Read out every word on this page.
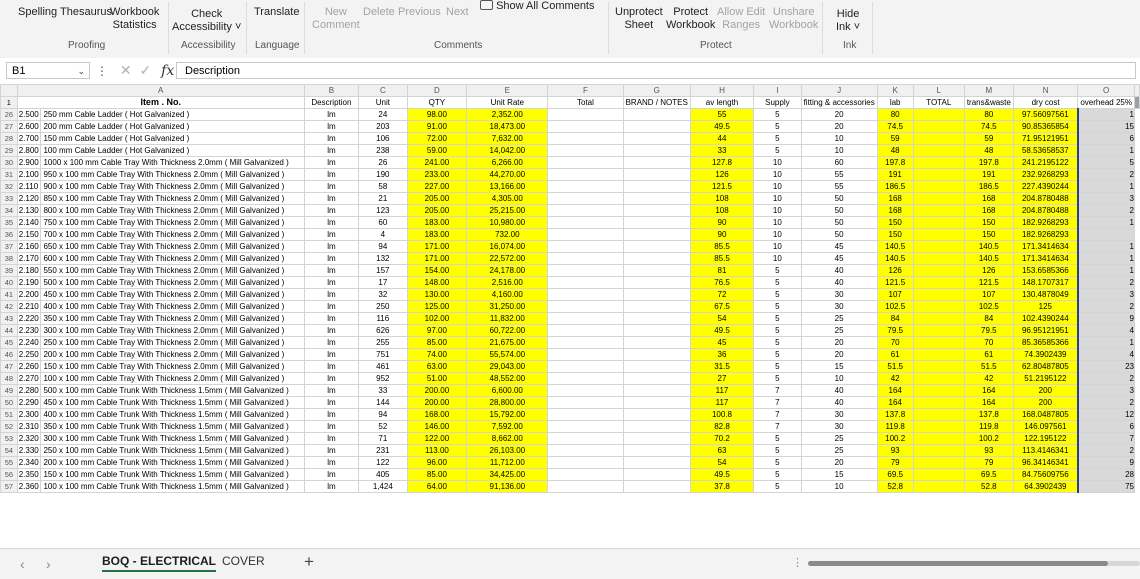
Spelling Thesaurus
Workbook
Statistics
Proofing
Check
Accessibility ˅
Accessibility
Translate
Language
New
Comment
Delete Previous Next	Show All Comments
Comments
Unprotect
Sheet
Protect
Workbook
Allow Edit
Ranges
Unshare
Workbook
Protect
Hide
Ink ˅
Ink
B1	⌄ ⋮ ✕ ✓ fx Description
	A		B	C	D	E	F	G	H	I	J	K	L	M	N	O	
1	Item . No.		Description	Unit	QTY	Unit Rate	Total	BRAND / NOTES	av length	Supply	fitting & accessories	lab	TOTAL	trans&waste	dry cost	overhead 25%	
26	2.500	250 mm Cable Ladder ( Hot Galvanized )	lm	24	98.00	2,352.00			55	5	20	80		80	97.56097561	1	
27	2.600	200 mm Cable Ladder ( Hot Galvanized )	lm	203	91.00	18,473.00			49.5	5	20	74.5		74.5	90.85365854	15	
28	2.700	150 mm Cable Ladder ( Hot Galvanized )	lm	106	72.00	7,632.00			44	5	10	59		59	71.95121951	6	
29	2.800	100 mm Cable Ladder ( Hot Galvanized )	lm	238	59.00	14,042.00			33	5	10	48		48	58.53658537	1	
30	2.900	1000 x 100 mm Cable Tray With Thickness 2.0mm ( Mill Galvanized )	lm	26	241.00	6,266.00			127.8	10	60	197.8		197.8	241.2195122	5	
31	2.100	950 x 100 mm Cable Tray With Thickness 2.0mm ( Mill Galvanized )	lm	190	233.00	44,270.00			126	10	55	191		191	232.9268293	2	
32	2.110	900 x 100 mm Cable Tray With Thickness 2.0mm ( Mill Galvanized )	lm	58	227.00	13,166.00			121.5	10	55	186.5		186.5	227.4390244	1	
33	2.120	850 x 100 mm Cable Tray With Thickness 2.0mm ( Mill Galvanized )	lm	21	205.00	4,305.00			108	10	50	168		168	204.8780488	3	
34	2.130	800 x 100 mm Cable Tray With Thickness 2.0mm ( Mill Galvanized )	lm	123	205.00	25,215.00			108	10	50	168		168	204.8780488	2	
35	2.140	750 x 100 mm Cable Tray With Thickness 2.0mm ( Mill Galvanized )	lm	60	183.00	10,980.00			90	10	50	150		150	182.9268293	1	
36	2.150	700 x 100 mm Cable Tray With Thickness 2.0mm ( Mill Galvanized )	lm	4	183.00	732.00			90	10	50	150		150	182.9268293		
37	2.160	650 x 100 mm Cable Tray With Thickness 2.0mm ( Mill Galvanized )	lm	94	171.00	16,074.00			85.5	10	45	140.5		140.5	171.3414634	1	
38	2.170	600 x 100 mm Cable Tray With Thickness 2.0mm ( Mill Galvanized )	lm	132	171.00	22,572.00			85.5	10	45	140.5		140.5	171.3414634	1	
39	2.180	550 x 100 mm Cable Tray With Thickness 2.0mm ( Mill Galvanized )	lm	157	154.00	24,178.00			81	5	40	126		126	153.6585366	1	
40	2.190	500 x 100 mm Cable Tray With Thickness 2.0mm ( Mill Galvanized )	lm	17	148.00	2,516.00			76.5	5	40	121.5		121.5	148.1707317	2	
41	2.200	450 x 100 mm Cable Tray With Thickness 2.0mm ( Mill Galvanized )	lm	32	130.00	4,160.00			72	5	30	107		107	130.4878049	3	
42	2.210	400 x 100 mm Cable Tray With Thickness 2.0mm ( Mill Galvanized )	lm	250	125.00	31,250.00			67.5	5	30	102.5		102.5	125	2	
43	2.220	350 x 100 mm Cable Tray With Thickness 2.0mm ( Mill Galvanized )	lm	116	102.00	11,832.00			54	5	25	84		84	102.4390244	9	
44	2.230	300 x 100 mm Cable Tray With Thickness 2.0mm ( Mill Galvanized )	lm	626	97.00	60,722.00			49.5	5	25	79.5		79.5	96.95121951	4	
45	2.240	250 x 100 mm Cable Tray With Thickness 2.0mm ( Mill Galvanized )	lm	255	85.00	21,675.00			45	5	20	70		70	85.36585366	1	
46	2.250	200 x 100 mm Cable Tray With Thickness 2.0mm ( Mill Galvanized )	lm	751	74.00	55,574.00			36	5	20	61		61	74.3902439	4	
47	2.260	150 x 100 mm Cable Tray With Thickness 2.0mm ( Mill Galvanized )	lm	461	63.00	29,043.00			31.5	5	15	51.5		51.5	62.80487805	23	
48	2.270	100 x 100 mm Cable Tray With Thickness 2.0mm ( Mill Galvanized )	lm	952	51.00	48,552.00			27	5	10	42		42	51.2195122	2	
49	2.280	500 x 100 mm Cable Trunk With Thickness 1.5mm ( Mill Galvanized )	lm	33	200.00	6,600.00			117	7	40	164		164	200	3	
50	2.290	450 x 100 mm Cable Trunk With Thickness 1.5mm ( Mill Galvanized )	lm	144	200.00	28,800.00			117	7	40	164		164	200	2	
51	2.300	400 x 100 mm Cable Trunk With Thickness 1.5mm ( Mill Galvanized )	lm	94	168.00	15,792.00			100.8	7	30	137.8		137.8	168.0487805	12	
52	2.310	350 x 100 mm Cable Trunk With Thickness 1.5mm ( Mill Galvanized )	lm	52	146.00	7,592.00			82.8	7	30	119.8		119.8	146.097561	6	
53	2.320	300 x 100 mm Cable Trunk With Thickness 1.5mm ( Mill Galvanized )	lm	71	122.00	8,662.00			70.2	5	25	100.2		100.2	122.195122	7	
54	2.330	250 x 100 mm Cable Trunk With Thickness 1.5mm ( Mill Galvanized )	lm	231	113.00	26,103.00			63	5	25	93		93	113.4146341	2	
55	2.340	200 x 100 mm Cable Trunk With Thickness 1.5mm ( Mill Galvanized )	lm	122	96.00	11,712.00			54	5	20	79		79	96.34146341	9	
56	2.350	150 x 100 mm Cable Trunk With Thickness 1.5mm ( Mill Galvanized )	lm	405	85.00	34,425.00			49.5	5	15	69.5		69.5	84.75609756	28	
57	2.360	100 x 100 mm Cable Trunk With Thickness 1.5mm ( Mill Galvanized )	lm	1,424	64.00	91,136.00			37.8	5	10	52.8		52.8	64.3902439	75	
‹ ›	BOQ - ELECTRICAL COVER +	⋮
